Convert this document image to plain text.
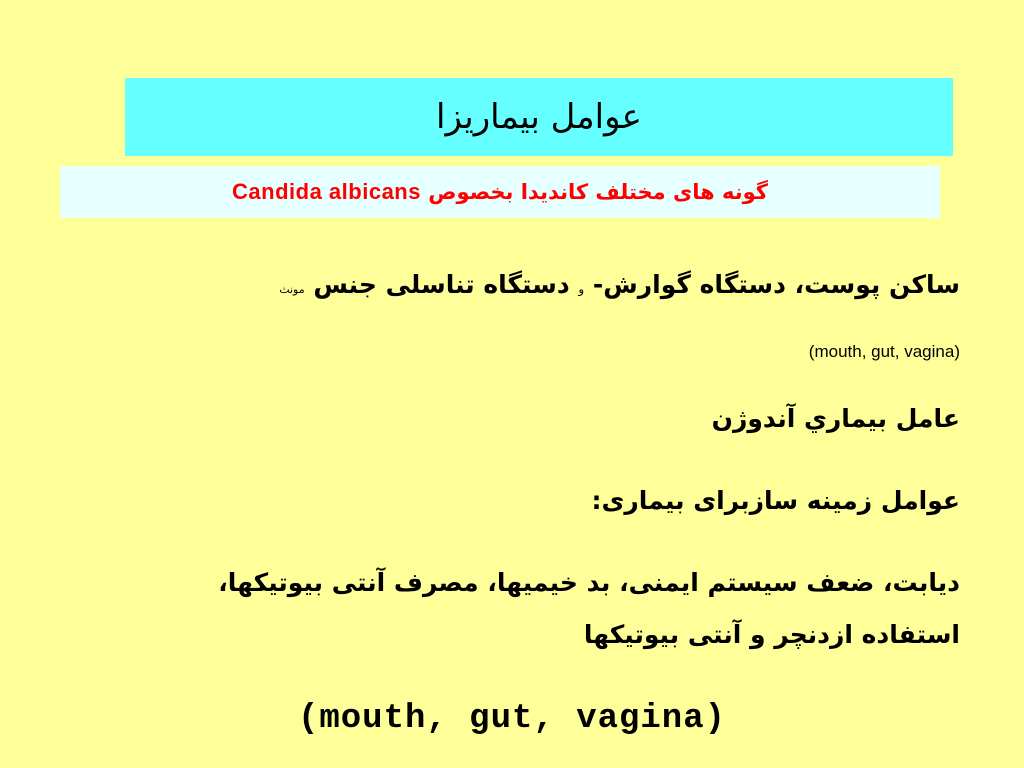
عوامل بیماریزا
گونه های مختلف کاندیدا بخصوص

Candida albicans
ساکن پوست، دستگاه گوارش- و دستگاه تناسلی جنس مونث
(mouth, gut, vagina)
عامل بيماري آندوژن
عوامل زمینه سازبرای بیماری:
دیابت، ضعف سیستم ایمنی، بد خیمیها، مصرف آنتی بیوتیکها،
استفاده ازدنچر و آنتی بیوتیکها
(mouth, gut, vagina)
